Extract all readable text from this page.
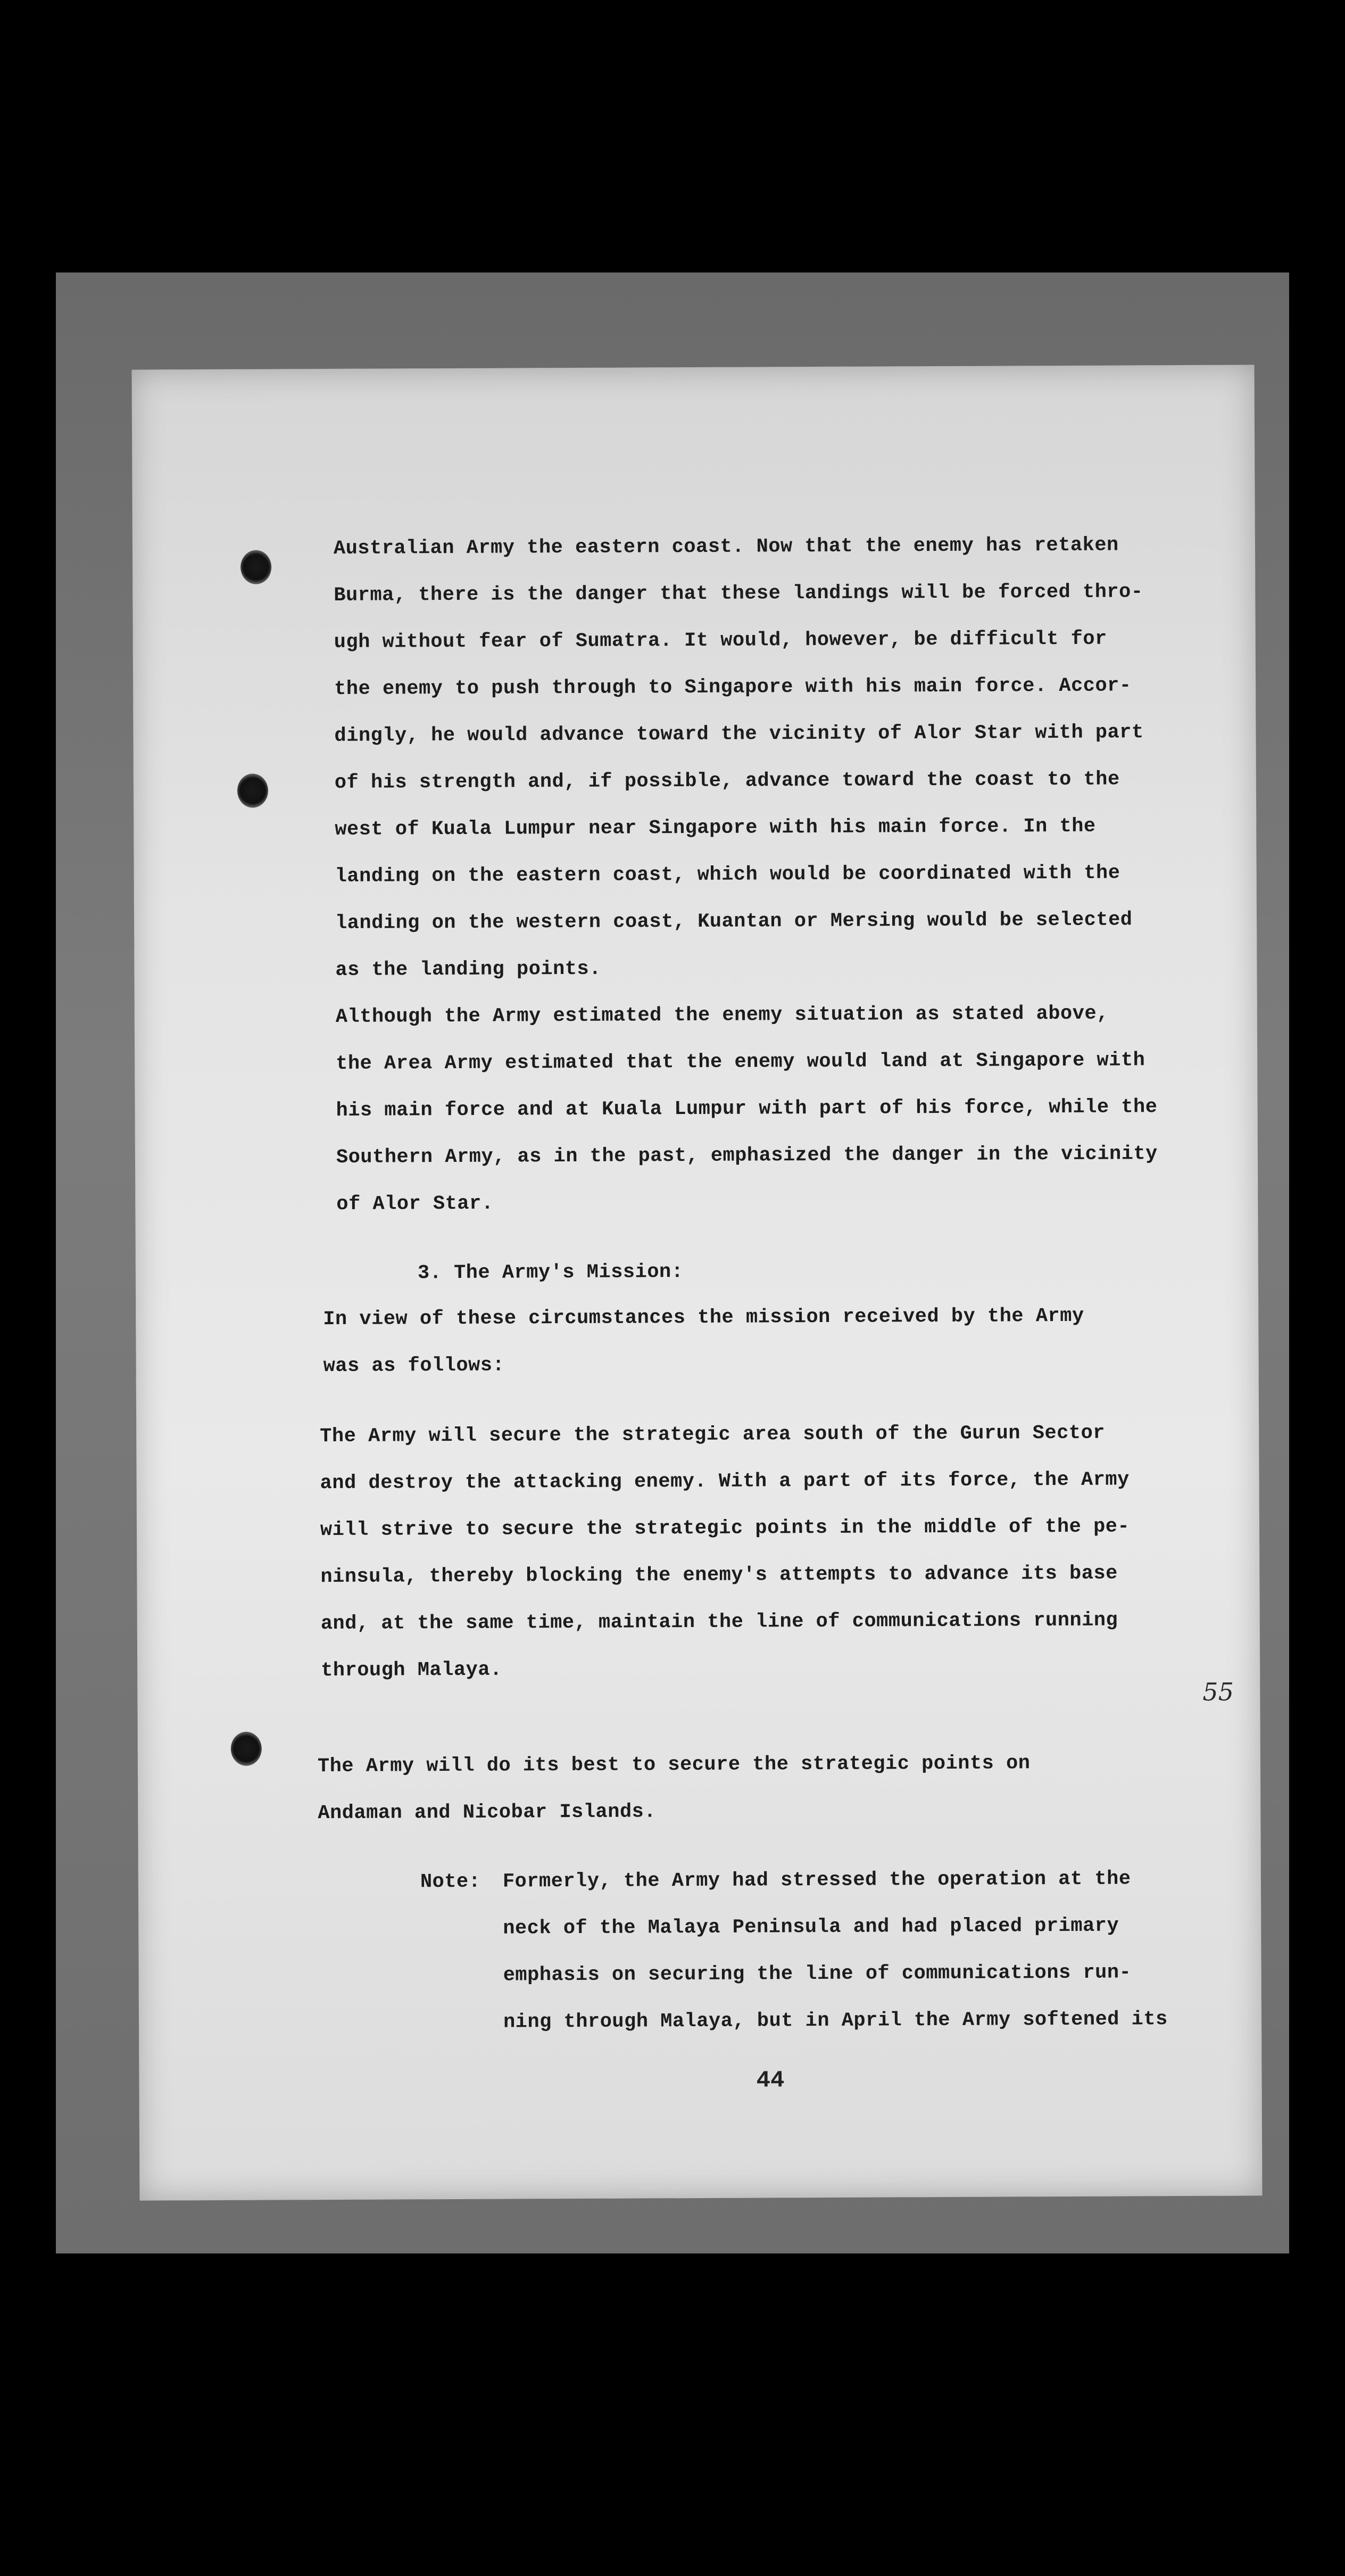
Australian Army the eastern coast. Now that the enemy has retaken
Burma, there is the danger that these landings will be forced thro-
ugh without fear of Sumatra. It would, however, be difficult for
the enemy to push through to Singapore with his main force. Accor-
dingly, he would advance toward the vicinity of Alor Star with part
of his strength and, if possible, advance toward the coast to the
west of Kuala Lumpur near Singapore with his main force. In the
landing on the eastern coast, which would be coordinated with the
landing on the western coast, Kuantan or Mersing would be selected
as the landing points.
Although the Army estimated the enemy situation as stated above,
the Area Army estimated that the enemy would land at Singapore with
his main force and at Kuala Lumpur with part of his force, while the
Southern Army, as in the past, emphasized the danger in the vicinity
of Alor Star.
3. The Army's Mission:
In view of these circumstances the mission received by the Army
was as follows:
The Army will secure the strategic area south of the Gurun Sector
and destroy the attacking enemy. With a part of its force, the Army
will strive to secure the strategic points in the middle of the pe-
ninsula, thereby blocking the enemy's attempts to advance its base
and, at the same time, maintain the line of communications running
through Malaya.
The Army will do its best to secure the strategic points on
Andaman and Nicobar Islands.
Note: Formerly, the Army had stressed the operation at the
neck of the Malaya Peninsula and had placed primary
emphasis on securing the line of communications run-
ning through Malaya, but in April the Army softened its
55
44
